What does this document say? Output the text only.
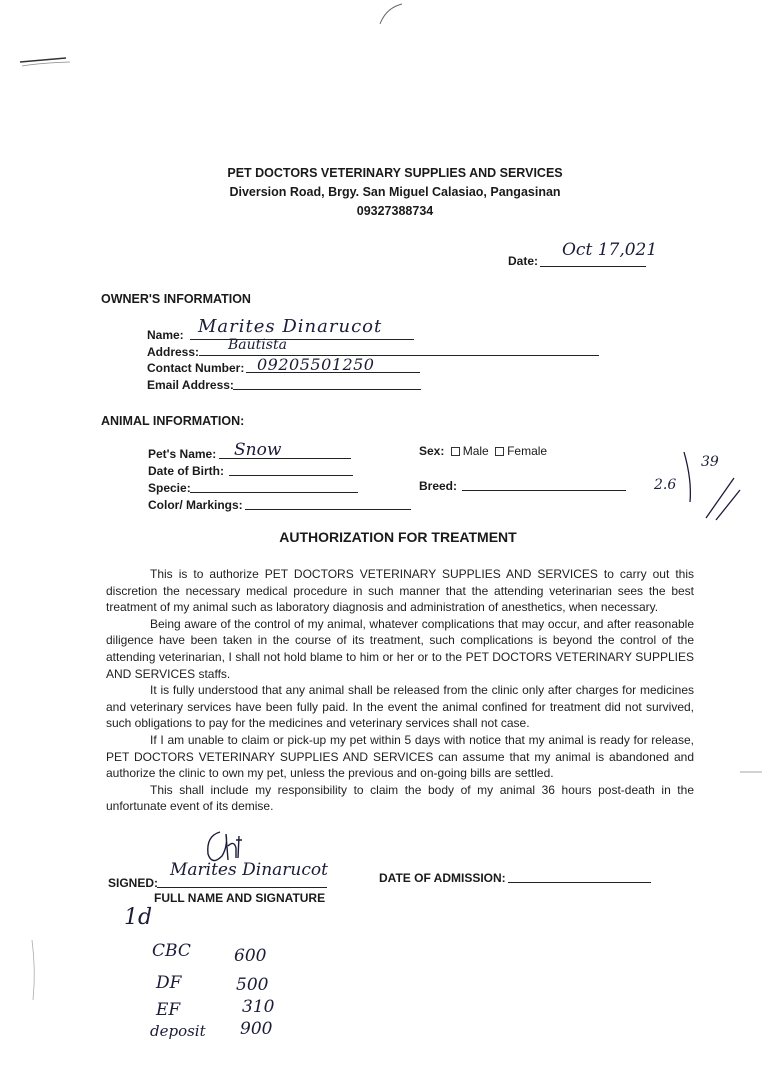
PET DOCTORS VETERINARY SUPPLIES AND SERVICES
Diversion Road, Brgy. San Miguel Calasiao, Pangasinan
09327388734
Date:
Oct 17,021
OWNER'S INFORMATION
Name: Marites Dinarucot
Address: Bautista
Contact Number: 09205501250
Email Address:
ANIMAL INFORMATION:
Pet's Name: Snow
Date of Birth:
Specie:
Color/ Markings:
Sex: Male Female
Breed:	2.6
39
AUTHORIZATION FOR TREATMENT

This is to authorize PET DOCTORS VETERINARY SUPPLIES AND SERVICES to carry out this discretion the necessary medical procedure in such manner that the attending veterinarian sees the best treatment of my animal such as laboratory diagnosis and administration of anesthetics, when necessary.

Being aware of the control of my animal, whatever complications that may occur, and after reasonable diligence have been taken in the course of its treatment, such complications is beyond the control of the attending veterinarian, I shall not hold blame to him or her or to the PET DOCTORS VETERINARY SUPPLIES AND SERVICES staffs.

It is fully understood that any animal shall be released from the clinic only after charges for medicines and veterinary services have been fully paid. In the event the animal confined for treatment did not survived, such obligations to pay for the medicines and veterinary services shall not case.

If I am unable to claim or pick-up my pet within 5 days with notice that my animal is ready for release, PET DOCTORS VETERINARY SUPPLIES AND SERVICES can assume that my animal is abandoned and authorize the clinic to own my pet, unless the previous and on-going bills are settled.

This shall include my responsibility to claim the body of my animal 36 hours post-death in the unfortunate event of its demise.

SIGNED:
Marites Dinarucot
FULL NAME AND SIGNATURE
DATE OF ADMISSION:
1d
CBC	600
DF	500
EF	310
deposit 900
